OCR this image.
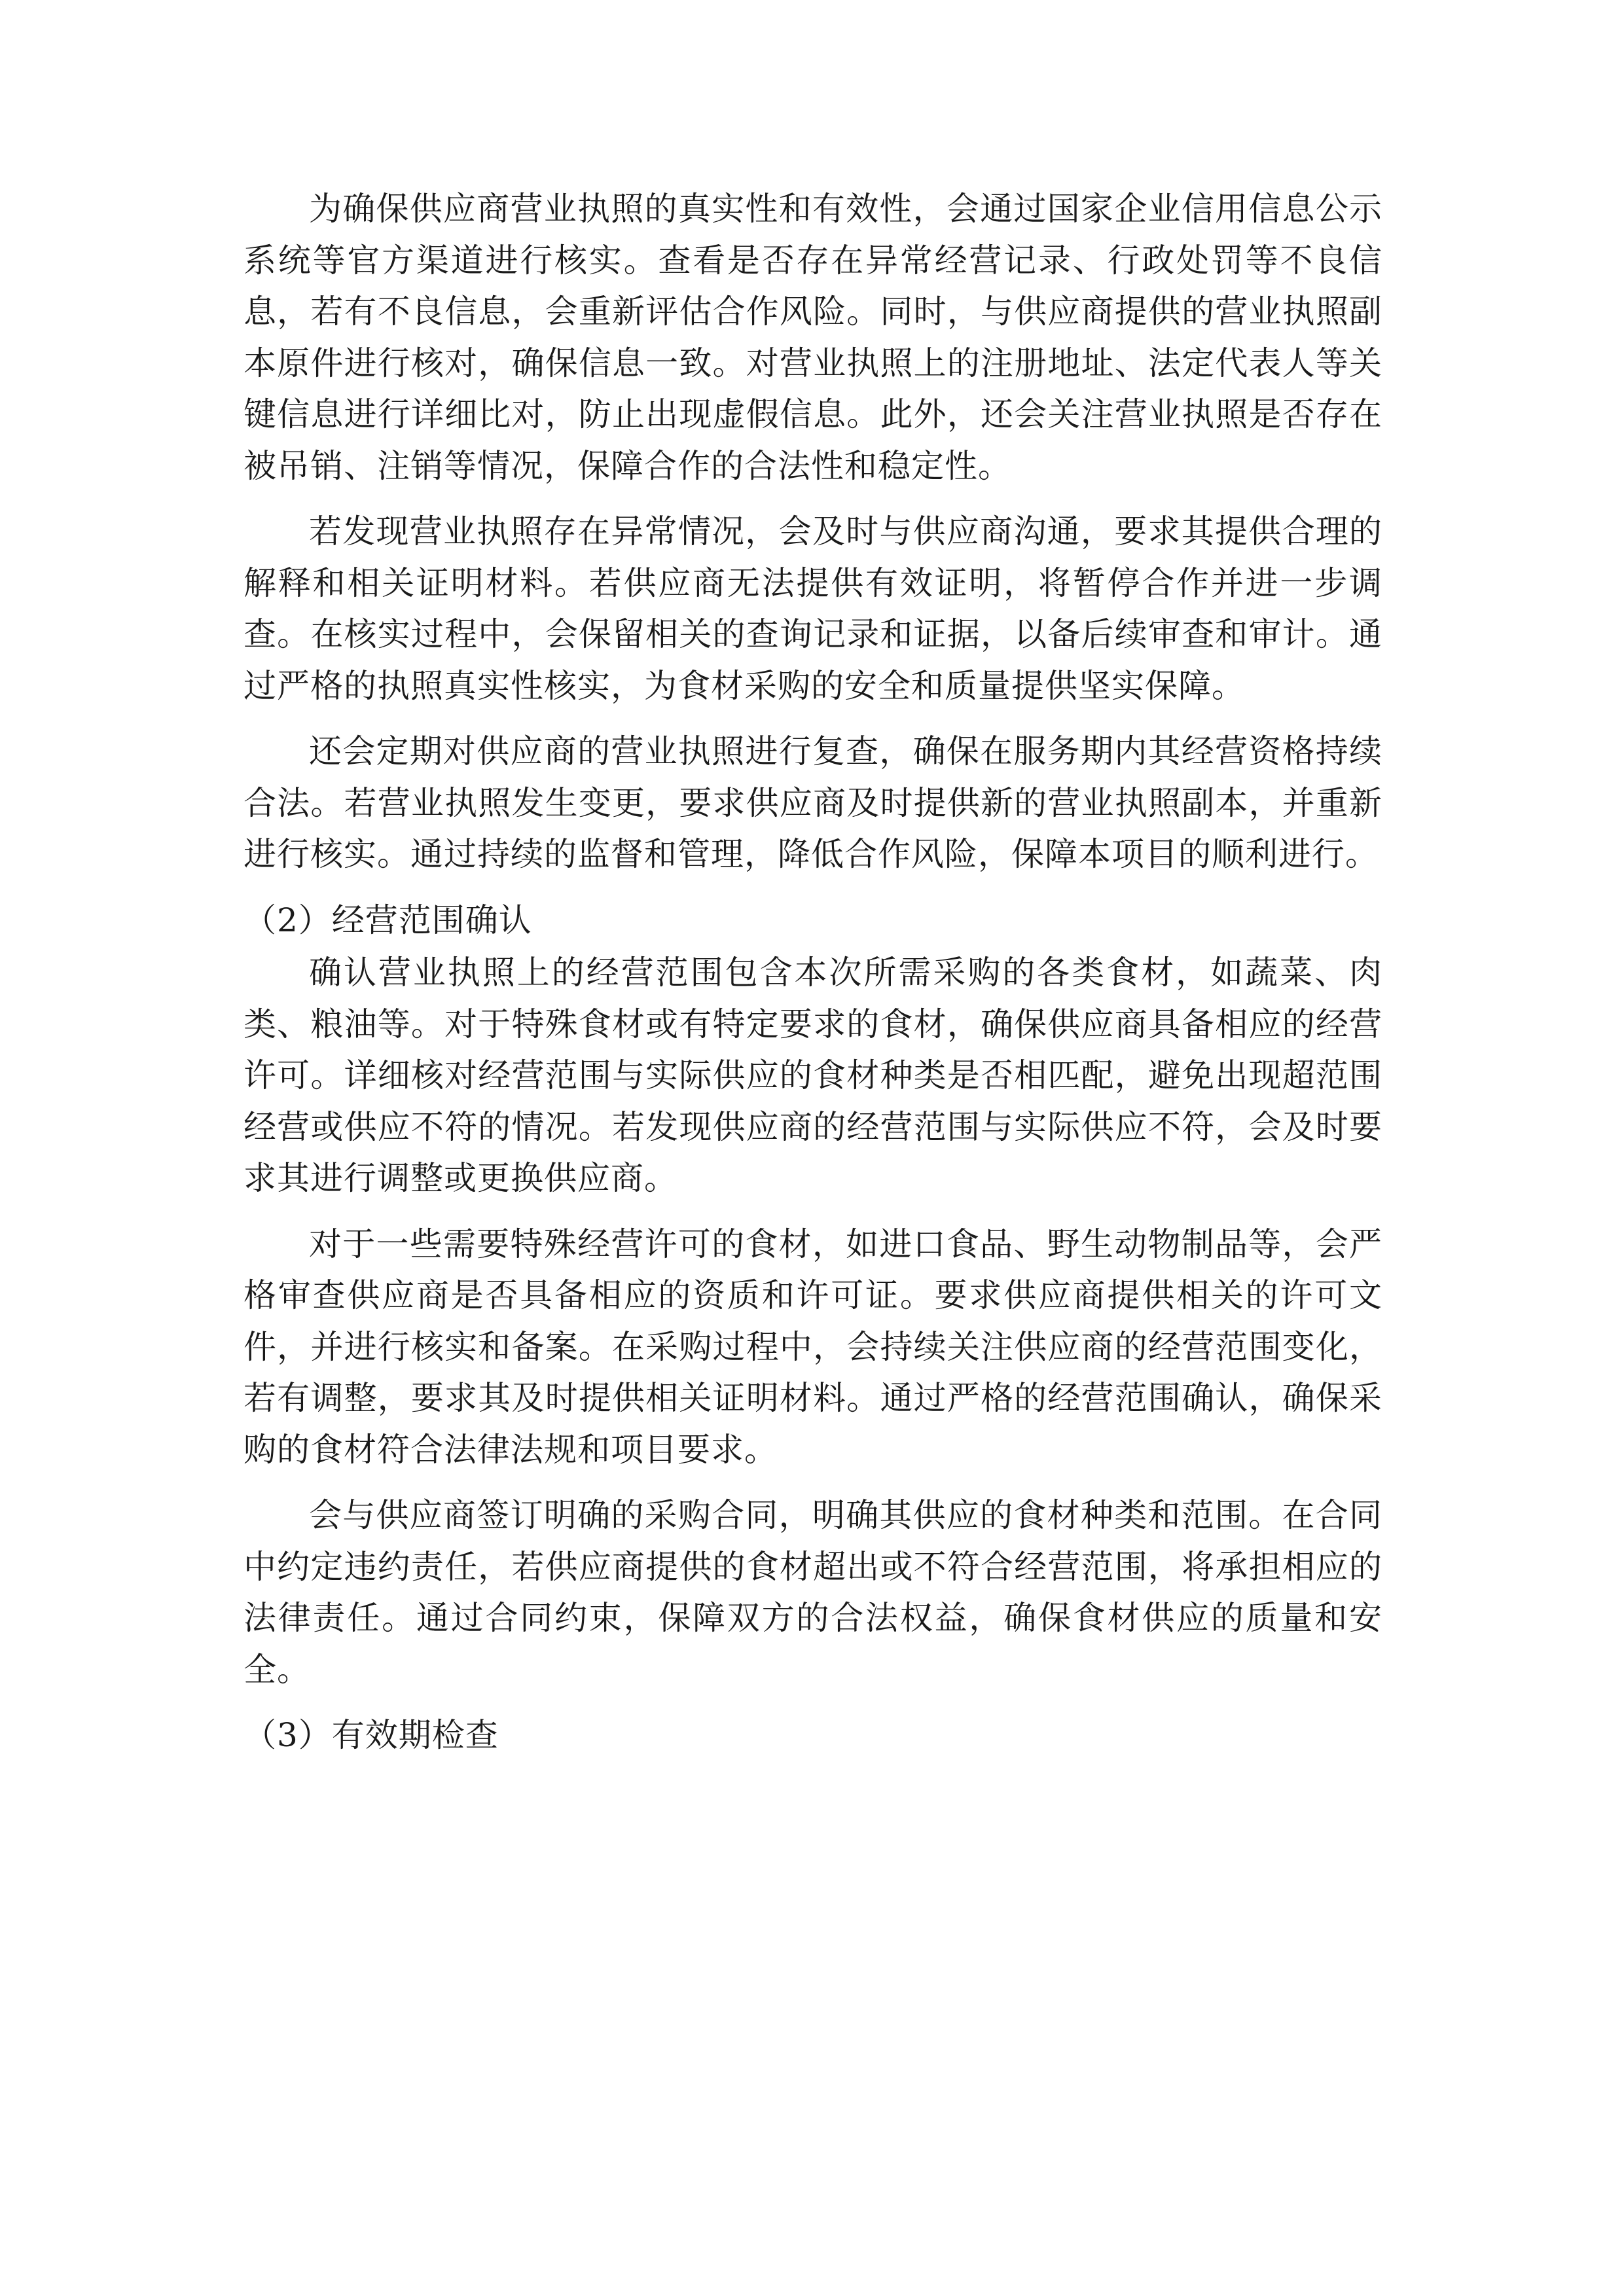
为确保供应商营业执照的真实性和有效性，会通过国家企业信用信息公示系统等官方渠道进行核实。查看是否存在异常经营记录、行政处罚等不良信息，若有不良信息，会重新评估合作风险。同时，与供应商提供的营业执照副本原件进行核对，确保信息一致。对营业执照上的注册地址、法定代表人等关键信息进行详细比对，防止出现虚假信息。此外，还会关注营业执照是否存在被吊销、注销等情况，保障合作的合法性和稳定性。

若发现营业执照存在异常情况，会及时与供应商沟通，要求其提供合理的解释和相关证明材料。若供应商无法提供有效证明，将暂停合作并进一步调查。在核实过程中，会保留相关的查询记录和证据，以备后续审查和审计。通过严格的执照真实性核实，为食材采购的安全和质量提供坚实保障。

还会定期对供应商的营业执照进行复查，确保在服务期内其经营资格持续合法。若营业执照发生变更，要求供应商及时提供新的营业执照副本，并重新进行核实。通过持续的监督和管理，降低合作风险，保障本项目的顺利进行。

（2）经营范围确认

确认营业执照上的经营范围包含本次所需采购的各类食材，如蔬菜、肉类、粮油等。对于特殊食材或有特定要求的食材，确保供应商具备相应的经营许可。详细核对经营范围与实际供应的食材种类是否相匹配，避免出现超范围经营或供应不符的情况。若发现供应商的经营范围与实际供应不符，会及时要求其进行调整或更换供应商。

对于一些需要特殊经营许可的食材，如进口食品、野生动物制品等，会严格审查供应商是否具备相应的资质和许可证。要求供应商提供相关的许可文件，并进行核实和备案。在采购过程中，会持续关注供应商的经营范围变化，若有调整，要求其及时提供相关证明材料。通过严格的经营范围确认，确保采购的食材符合法律法规和项目要求。

会与供应商签订明确的采购合同，明确其供应的食材种类和范围。在合同中约定违约责任，若供应商提供的食材超出或不符合经营范围，将承担相应的法律责任。通过合同约束，保障双方的合法权益，确保食材供应的质量和安全。

（3）有效期检查
